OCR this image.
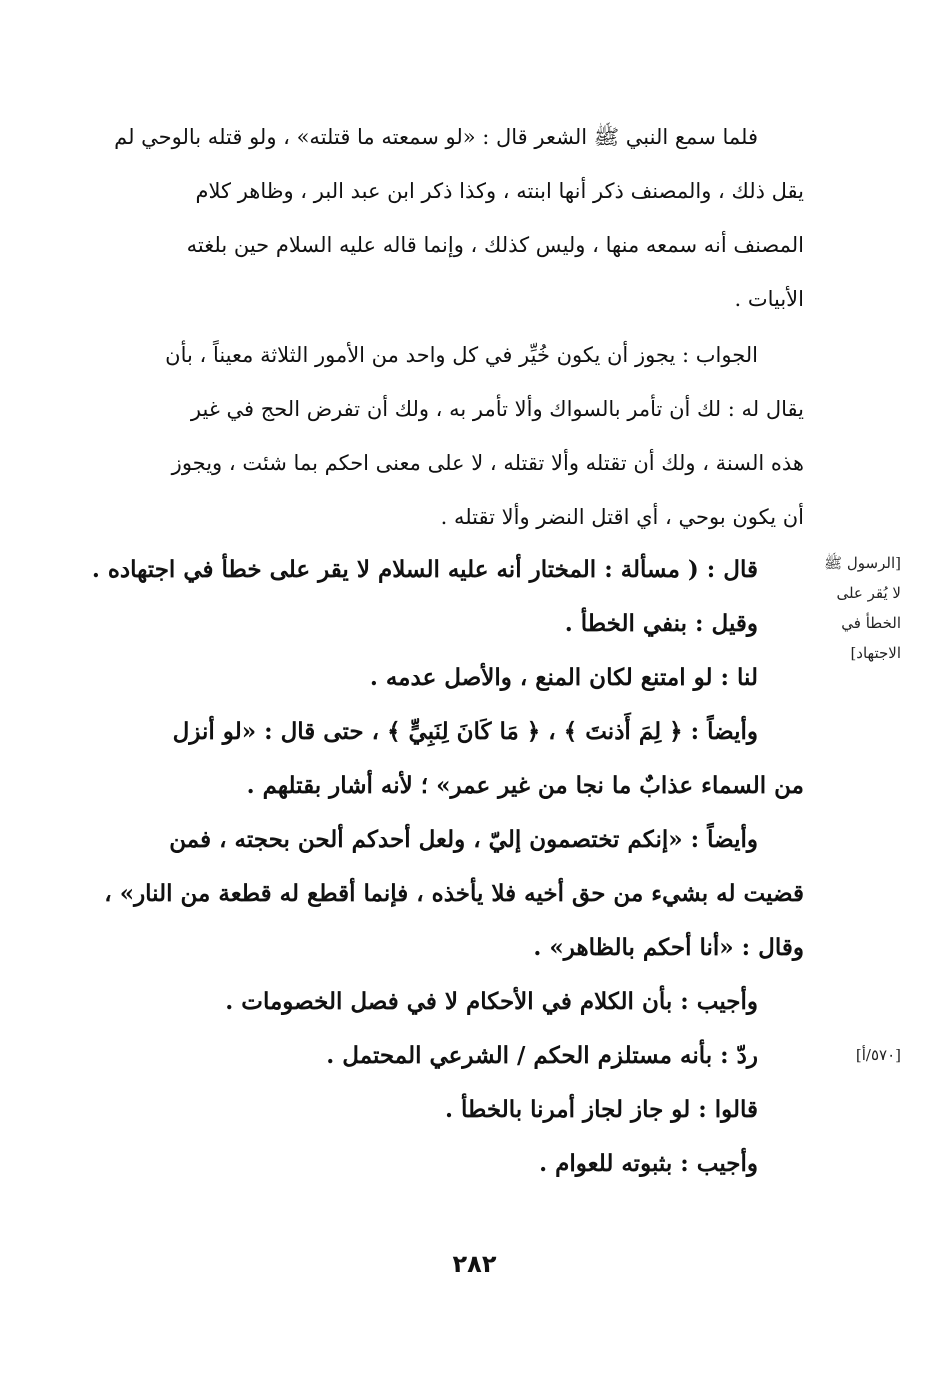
فلما سمع النبي ﷺ الشعر قال : «لو سمعته ما قتلته» ، ولو قتله بالوحي لم
يقل ذلك ، والمصنف ذكر أنها ابنته ، وكذا ذكر ابن عبد البر ، وظاهر كلام
المصنف أنه سمعه منها ، وليس كذلك ، وإنما قاله عليه السلام حين بلغته
الأبيات .

الجواب : يجوز أن يكون خُيِّر في كل واحد من الأمور الثلاثة معيناً ، بأن
يقال له : لك أن تأمر بالسواك وألا تأمر به ، ولك أن تفرض الحج في غير
هذه السنة ، ولك أن تقتله وألا تقتله ، لا على معنى احكم بما شئت ، ويجوز
أن يكون بوحي ، أي اقتل النضر وألا تقتله .

قال : ( مسألة : المختار أنه عليه السلام لا يقر على خطأ في اجتهاده .
وقيل : بنفي الخطأ .
لنا : لو امتنع لكان المنع ، والأصل عدمه .
وأيضاً : ﴿ لِمَ أَذنتَ ﴾ ، ﴿ مَا كَانَ لِنَبِيٍّ ﴾ ، حتى قال : «لو أنزل
من السماء عذابٌ ما نجا من غير عمر» ؛ لأنه أشار بقتلهم .
وأيضاً : «إنكم تختصمون إليّ ، ولعل أحدكم ألحن بحجته ، فمن
قضيت له بشيء من حق أخيه فلا يأخذه ، فإنما أقطع له قطعة من النار» ،
وقال : «أنا أحكم بالظاهر» .
وأجيب : بأن الكلام في الأحكام لا في فصل الخصومات .
ردّ : بأنه مستلزم الحكم / الشرعي المحتمل .
قالوا : لو جاز لجاز أمرنا بالخطأ .
وأجيب : بثبوته للعوام .

[الرسول ﷺ لا يُقر على الخطأ في الاجتهاد]
[٥٧٠/أ]
٢٨٢
